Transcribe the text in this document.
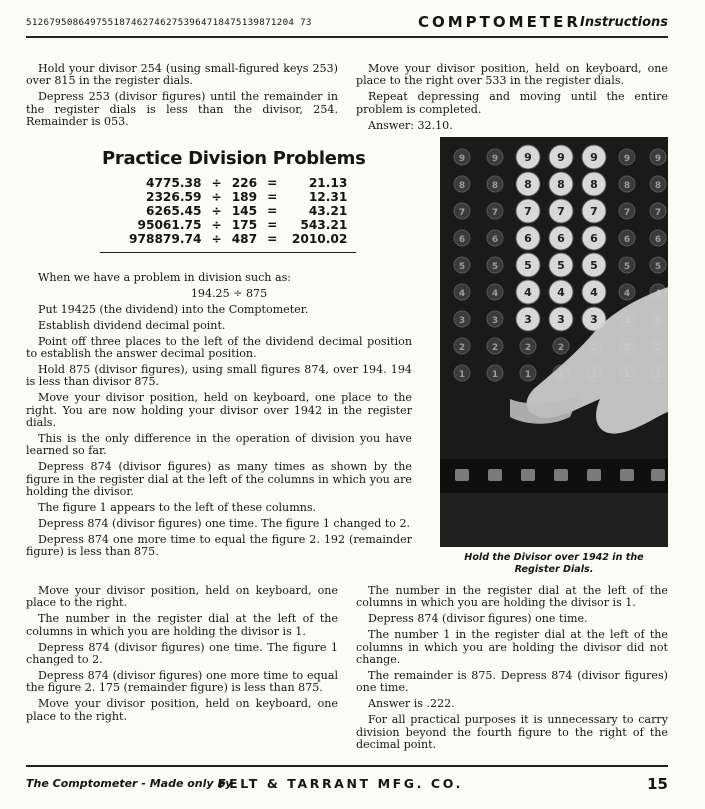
5126795086497551874627462753964718475139871204 73	COMPTOMETER Instructions

Hold your divisor 254 (using small-figured keys 253) over 815 in the register dials.

Depress 253 (divisor figures) until the remainder in the register dials is less than the divisor, 254. Remainder is 053.

Move your divisor position, held on keyboard, one place to the right over 533 in the register dials.

Repeat depressing and moving until the entire problem is completed.

Answer: 32.10.

Practice Division Problems
4775.38	÷	226	=	21.13
2326.59	÷	189	=	12.31
6265.45	÷	145	=	43.21
95061.75	÷	175	=	543.21
978879.74	÷	487	=	2010.02

When we have a problem in division such as:

194.25 ÷ 875

Put 19425 (the dividend) into the Comptometer.

Establish dividend decimal point.

Point off three places to the left of the dividend decimal position to establish the answer decimal position.

Hold 875 (divisor figures), using small figures 874, over 194. 194 is less than divisor 875.

Move your divisor position, held on keyboard, one place to the right. You are now holding your divisor over 1942 in the register dials.

This is the only difference in the operation of division you have learned so far.

Depress 874 (divisor figures) as many times as shown by the figure in the register dial at the left of the columns in which you are holding the divisor.

The figure 1 appears to the left of these columns.

Depress 874 (divisor figures) one time. The figure 1 changed to 2.

Depress 874 one more time to equal the figure 2. 192 (remainder figure) is less than 875.

9	9 9 9 9	9	9
8	8 8 8 8	8	8
7	7 7 7 7	7	7
6	6 6 6 6	6	6
5	5 5 5 5	5	5
4	4 4 4 4	4
3	3 3 3 3
2	2	2	2
1	1	1
Hold the Divisor over 1942 in the
Register Dials.

Move your divisor position, held on keyboard, one place to the right.

The number in the register dial at the left of the columns in which you are holding the divisor is 1.

Depress 874 (divisor figures) one time. The figure 1 changed to 2.

Depress 874 (divisor figures) one more time to equal the figure 2. 175 (remainder figure) is less than 875.

Move your divisor position, held on keyboard, one place to the right.

The number in the register dial at the left of the columns in which you are holding the divisor is 1.

Depress 874 (divisor figures) one time.

The number 1 in the register dial at the left of the columns in which you are holding the divisor did not change.

The remainder is 875. Depress 874 (divisor figures) one time.

Answer is .222.

For all practical purposes it is unnecessary to carry division beyond the fourth figure to the right of the decimal point.

The Comptometer - Made only by
FELT & TARRANT MFG. CO.	15
